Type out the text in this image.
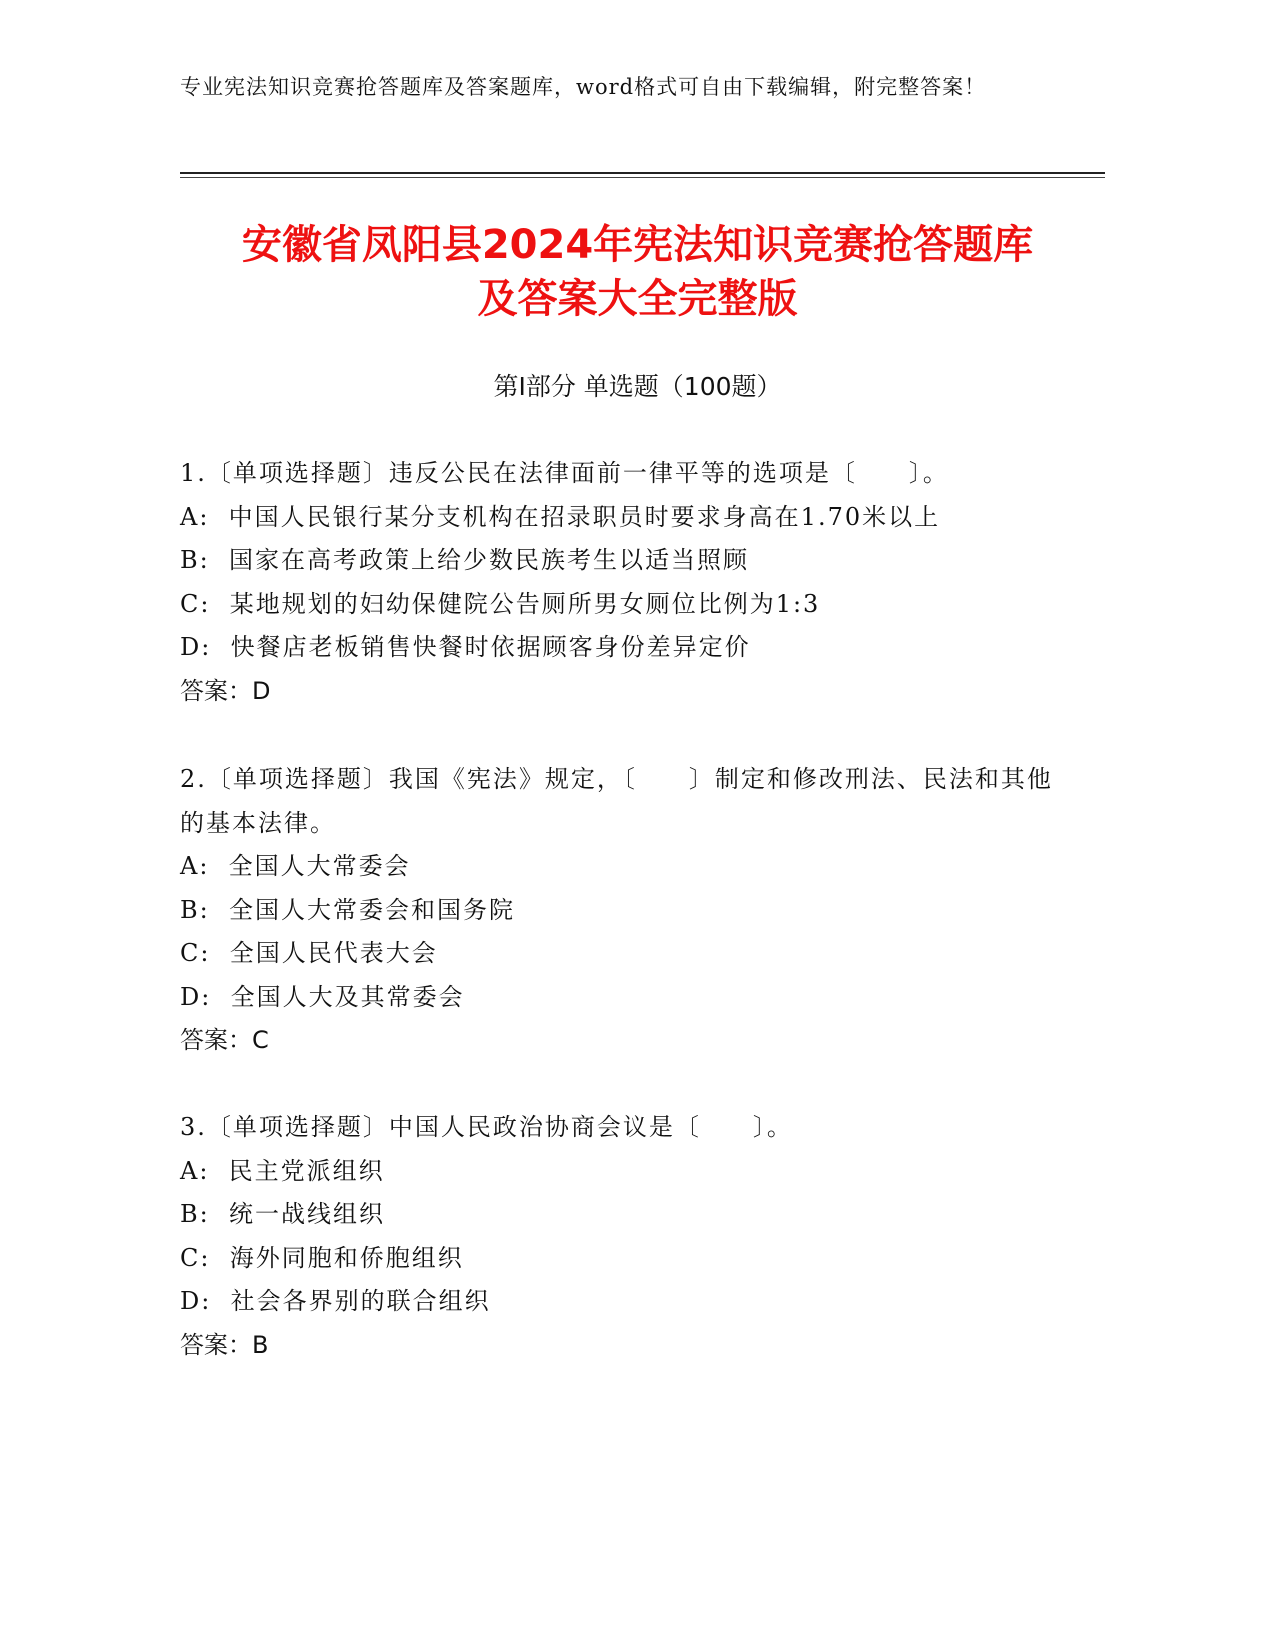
专业宪法知识竞赛抢答题库及答案题库，word格式可自由下载编辑，附完整答案！
安徽省凤阳县2024年宪法知识竞赛抢答题库
及答案大全完整版
第Ⅰ部分 单选题（100题）
1.〔单项选择题〕违反公民在法律面前一律平等的选项是〔　　〕。
A:  中国人民银行某分支机构在招录职员时要求身高在1.70米以上
B:  国家在高考政策上给少数民族考生以适当照顾
C:  某地规划的妇幼保健院公告厕所男女厕位比例为1:3
D:  快餐店老板销售快餐时依据顾客身份差异定价
答案：D
2.〔单项选择题〕我国《宪法》规定，〔　　〕制定和修改刑法、民法和其他的基本法律。
A:  全国人大常委会
B:  全国人大常委会和国务院
C:  全国人民代表大会
D:  全国人大及其常委会
答案：C
3.〔单项选择题〕中国人民政治协商会议是〔　　〕。
A:  民主党派组织
B:  统一战线组织
C:  海外同胞和侨胞组织
D:  社会各界别的联合组织
答案：B
